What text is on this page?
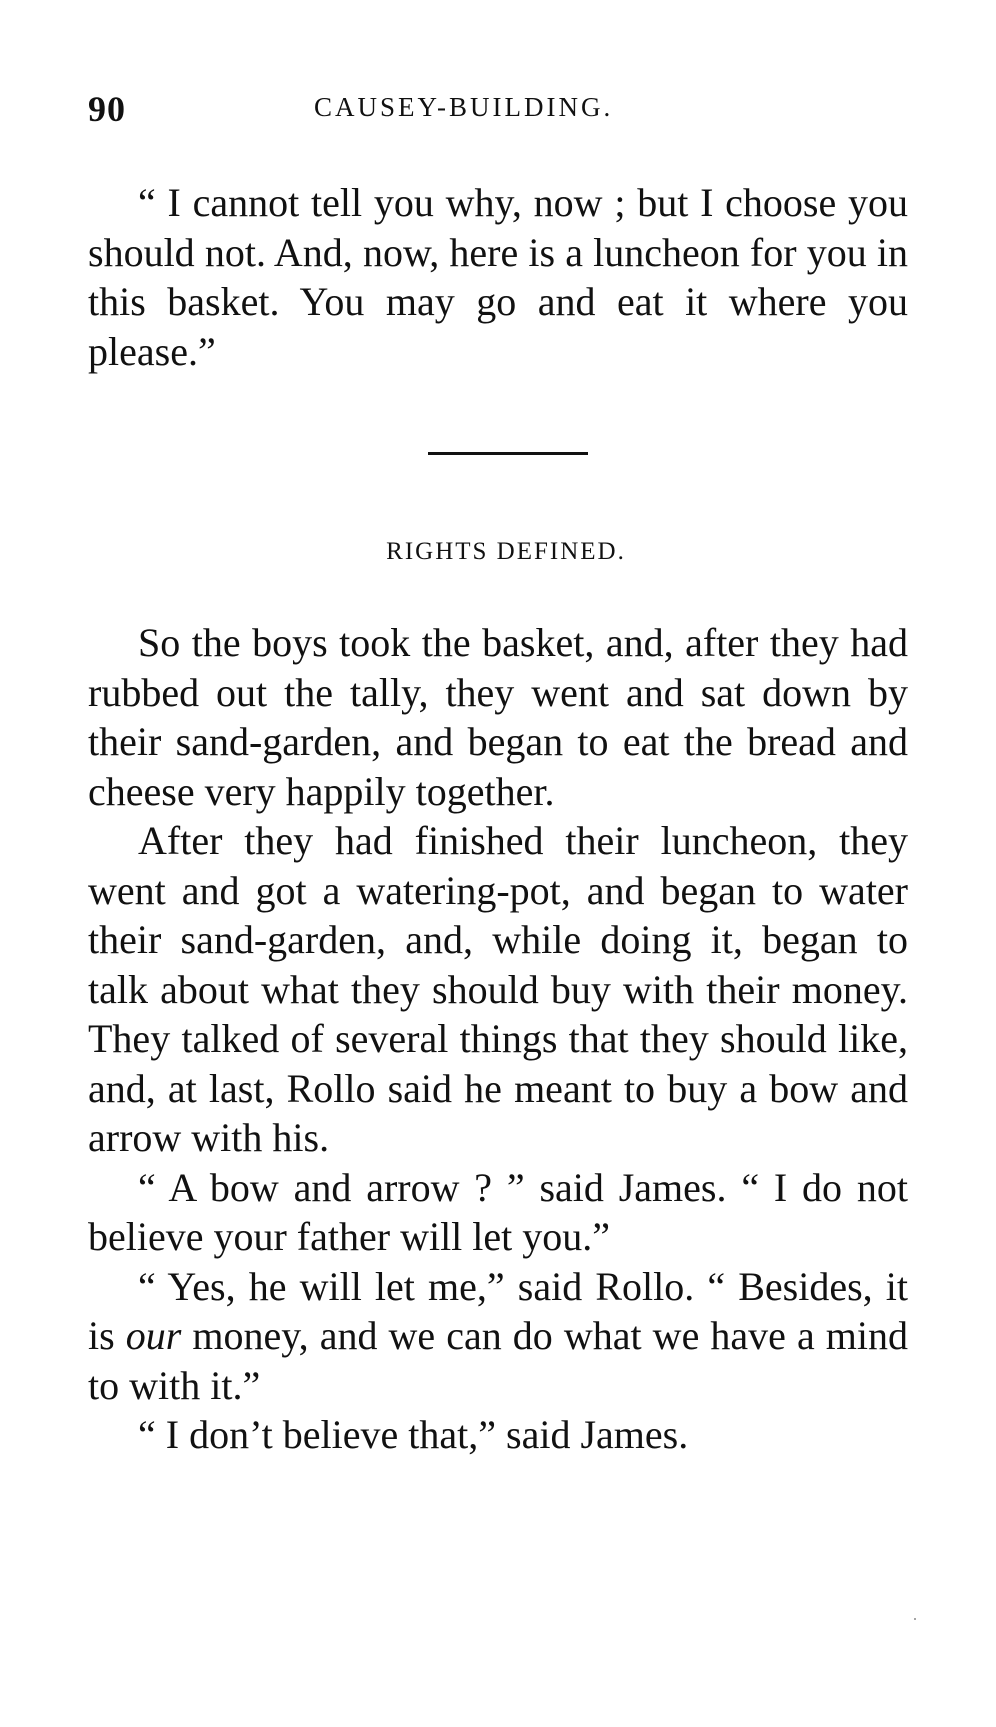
90	CAUSEY-BUILDING.

“ I cannot tell you why, now ; but I choose you should not. And, now, here is a luncheon for you in this basket. You may go and eat it where you please.”

RIGHTS DEFINED.

So the boys took the basket, and, after they had rubbed out the tally, they went and sat down by their sand-garden, and began to eat the bread and cheese very happily together.

After they had finished their luncheon, they went and got a watering-pot, and began to water their sand-garden, and, while doing it, began to talk about what they should buy with their money. They talked of several things that they should like, and, at last, Rollo said he meant to buy a bow and arrow with his.

“ A bow and arrow ? ” said James. “ I do not believe your father will let you.”

“ Yes, he will let me,” said Rollo. “ Besides, it is our money, and we can do what we have a mind to with it.”

“ I don’t believe that,” said James.
